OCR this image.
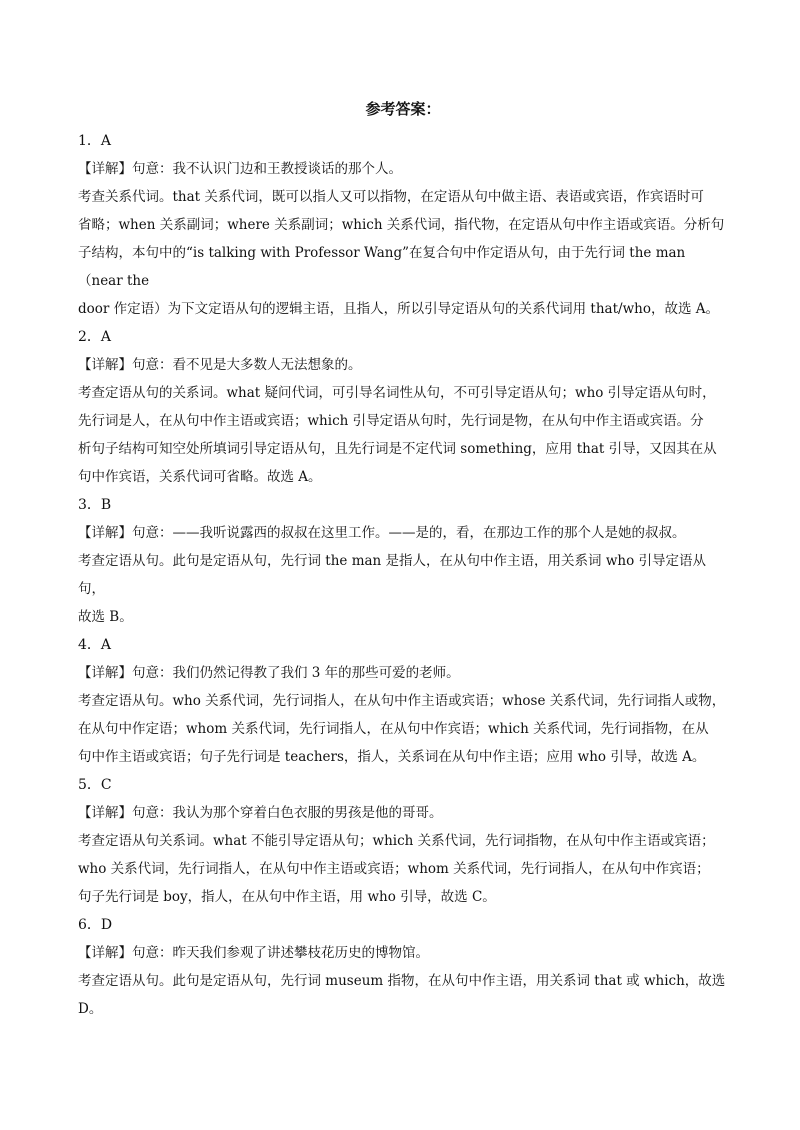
参考答案：

1．A

【详解】句意：我不认识门边和王教授谈话的那个人。

考查关系代词。that 关系代词，既可以指人又可以指物，在定语从句中做主语、表语或宾语，作宾语时可

省略；when 关系副词；where 关系副词；which 关系代词，指代物，在定语从句中作主语或宾语。分析句

子结构，本句中的“is talking with Professor Wang”在复合句中作定语从句，由于先行词 the man（near the

door 作定语）为下文定语从句的逻辑主语，且指人，所以引导定语从句的关系代词用 that/who，故选 A。

2．A

【详解】句意：看不见是大多数人无法想象的。

考查定语从句的关系词。what 疑问代词，可引导名词性从句，不可引导定语从句；who 引导定语从句时，

先行词是人，在从句中作主语或宾语；which 引导定语从句时，先行词是物，在从句中作主语或宾语。分

析句子结构可知空处所填词引导定语从句，且先行词是不定代词 something，应用 that 引导，又因其在从

句中作宾语，关系代词可省略。故选 A。

3．B

【详解】句意：——我听说露西的叔叔在这里工作。——是的，看，在那边工作的那个人是她的叔叔。

考查定语从句。此句是定语从句，先行词 the man 是指人，在从句中作主语，用关系词 who 引导定语从句，

故选 B。

4．A

【详解】句意：我们仍然记得教了我们 3 年的那些可爱的老师。

考查定语从句。who 关系代词，先行词指人，在从句中作主语或宾语；whose 关系代词，先行词指人或物，

在从句中作定语；whom 关系代词，先行词指人，在从句中作宾语；which 关系代词，先行词指物，在从

句中作主语或宾语；句子先行词是 teachers，指人，关系词在从句中作主语；应用 who 引导，故选 A。

5．C

【详解】句意：我认为那个穿着白色衣服的男孩是他的哥哥。

考查定语从句关系词。what 不能引导定语从句；which 关系代词，先行词指物，在从句中作主语或宾语；

who 关系代词，先行词指人，在从句中作主语或宾语；whom 关系代词，先行词指人，在从句中作宾语；

句子先行词是 boy，指人，在从句中作主语，用 who 引导，故选 C。

6．D

【详解】句意：昨天我们参观了讲述攀枝花历史的博物馆。

考查定语从句。此句是定语从句，先行词 museum 指物，在从句中作主语，用关系词 that 或 which，故选

D。
